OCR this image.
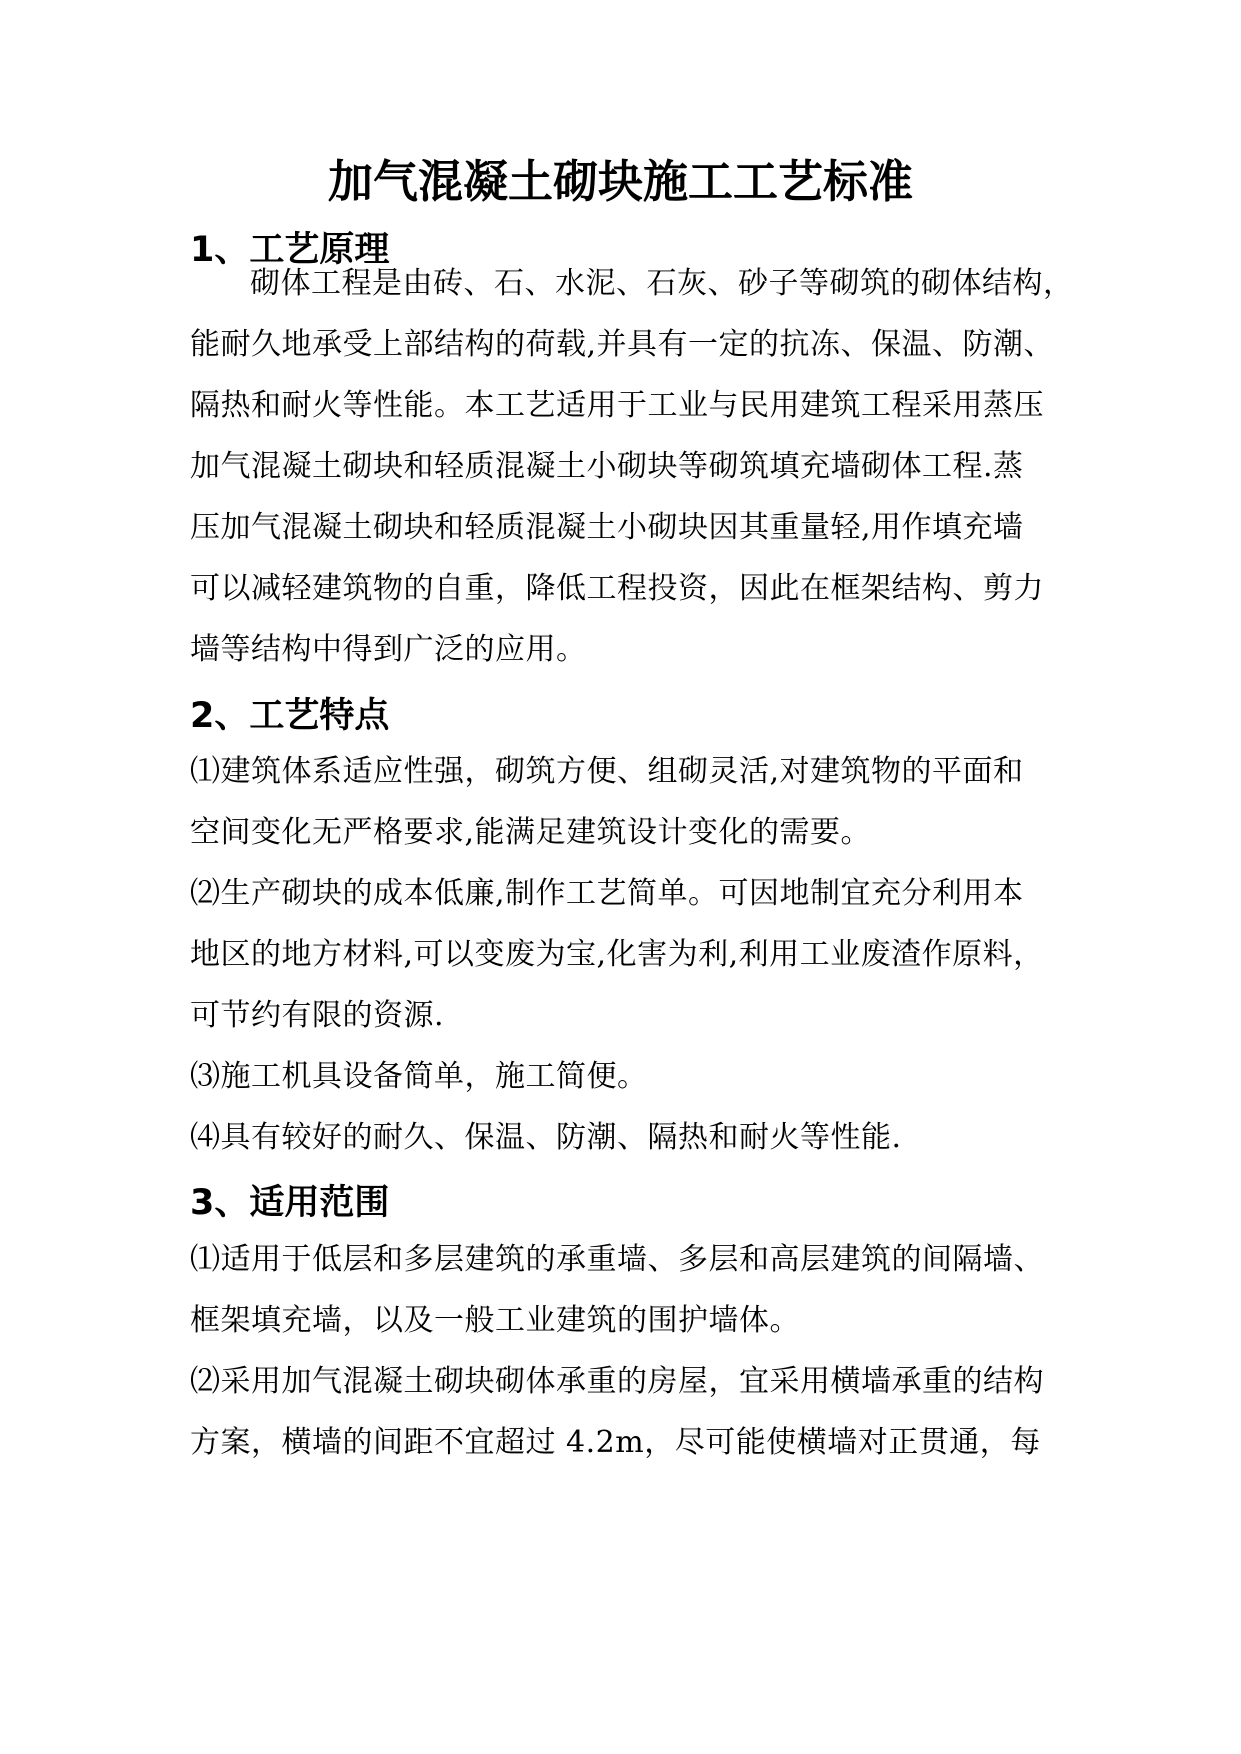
加气混凝土砌块施工工艺标准
1、工艺原理
砌体工程是由砖、石、水泥、石灰、砂子等砌筑的砌体结构，
能耐久地承受上部结构的荷载,并具有一定的抗冻、保温、防潮、
隔热和耐火等性能。本工艺适用于工业与民用建筑工程采用蒸压
加气混凝土砌块和轻质混凝土小砌块等砌筑填充墙砌体工程.蒸
压加气混凝土砌块和轻质混凝土小砌块因其重量轻,用作填充墙
可以减轻建筑物的自重，降低工程投资，因此在框架结构、剪力
墙等结构中得到广泛的应用。
2、工艺特点
⑴建筑体系适应性强，砌筑方便、组砌灵活,对建筑物的平面和
空间变化无严格要求,能满足建筑设计变化的需要。
⑵生产砌块的成本低廉,制作工艺简单。可因地制宜充分利用本
地区的地方材料,可以变废为宝,化害为利,利用工业废渣作原料，
可节约有限的资源.
⑶施工机具设备简单，施工简便。
⑷具有较好的耐久、保温、防潮、隔热和耐火等性能.
3、适用范围
⑴适用于低层和多层建筑的承重墙、多层和高层建筑的间隔墙、
框架填充墙，以及一般工业建筑的围护墙体。
⑵采用加气混凝土砌块砌体承重的房屋，宜采用横墙承重的结构
方案，横墙的间距不宜超过 4.2m，尽可能使横墙对正贯通，每
